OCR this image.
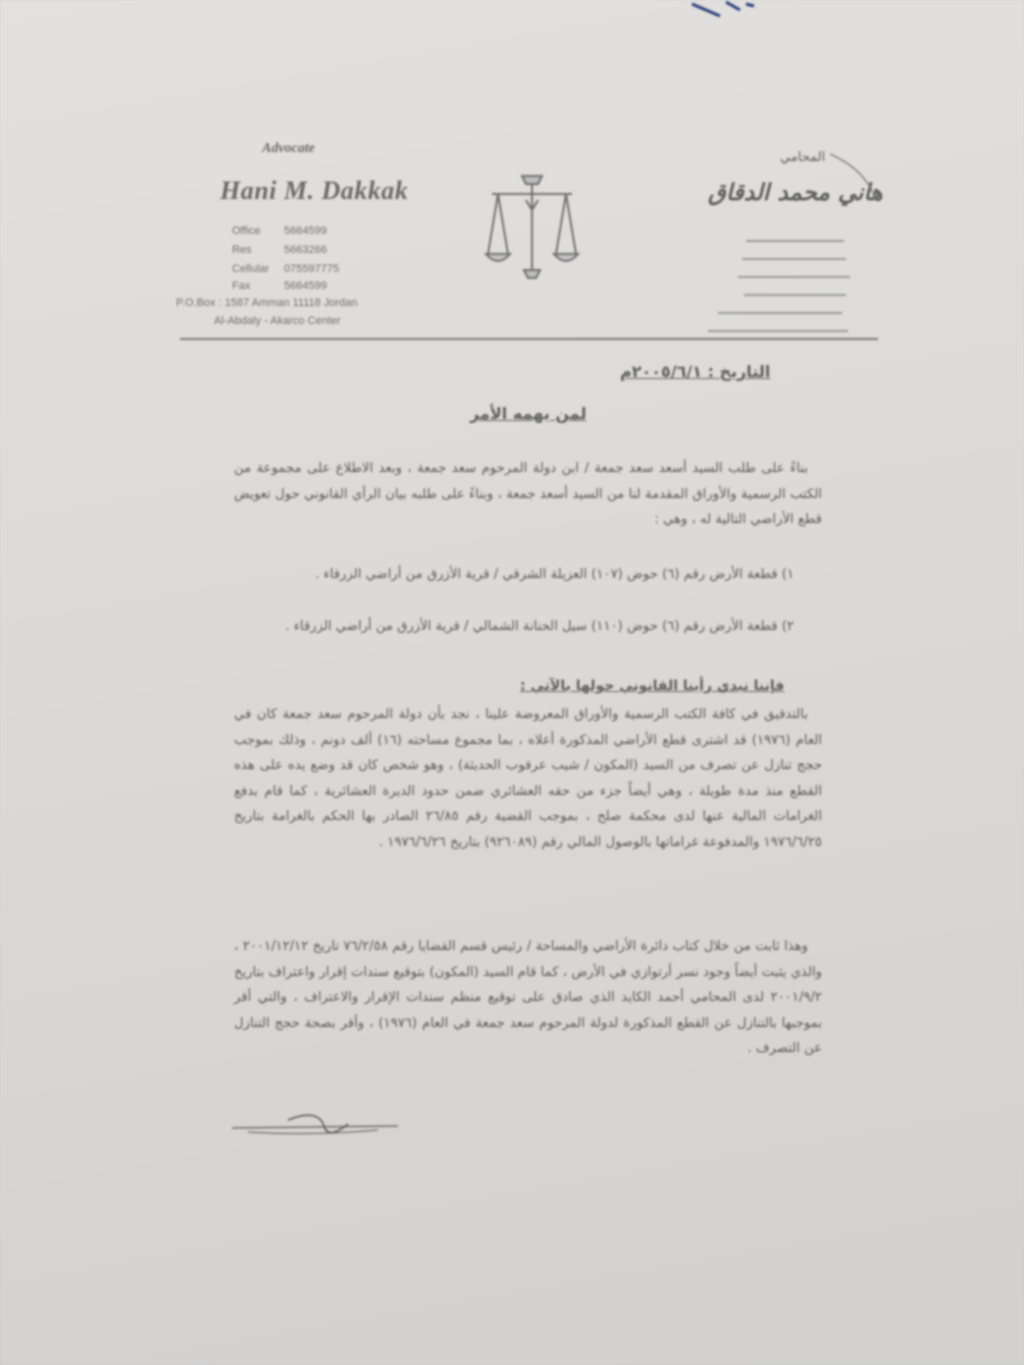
Advocate
Hani M. Dakkak
Office 5664599
Res	5663266
Cellular 075597775
Fax	5664599
P.O.Box : 1587 Amman 11118 Jordan
Al-Abdaly - Akarco Center
المحامي
هاني محمد الدقاق
التاريخ : ٢٠٠٥/٦/١م
لمن يهمه الأمر
بناءً على طلب السيد أسعد سعد جمعة / ابن دولة المرحوم سعد جمعة ، وبعد الاطلاع على مجموعة من الكتب الرسمية والأوراق المقدمة لنا من السيد أسعد جمعة ، وبناءً على طلبه بيان الرأي القانوني حول تعويض قطع الأراضي التالية له ، وهي :
١) قطعة الأرض رقم (٦) حوض (١٠٧) العزيلة الشرقي / قرية الأزرق من أراضي الزرقاء .
٢) قطعة الأرض رقم (٦) حوض (١١٠) سيل الحنانة الشمالي / قرية الأزرق من أراضي الزرقاء .
فإننا نبدي رأينا القانوني حولها بالآتي :
بالتدقيق في كافة الكتب الرسمية والأوراق المعروضة علينا ، نجد بأن دولة المرحوم سعد جمعة كان في العام (١٩٧٦) قد اشترى قطع الأراضي المذكورة أعلاه ، بما مجموع مساحته (١٦) ألف دونم ، وذلك بموجب حجج تنازل عن تصرف من السيد (المكون / شيب عرقوب الحديثة) ، وهو شخص كان قد وضع يده على هذه القطع منذ مدة طويلة ، وهي أيضاً جزء من حقه العشائري ضمن حدود الديرة العشائرية ، كما قام بدفع الغرامات المالية عنها لدى محكمة صلح ، بموجب القضية رقم ٢٦/٨٥ الصادر بها الحكم بالغرامة بتاريخ ١٩٧٦/٦/٢٥ والمدفوعة غراماتها بالوصول المالي رقم (٩٢٦٠٨٩) بتاريخ ١٩٧٦/٦/٢٦ .
وهذا ثابت من خلال كتاب دائرة الأراضي والمساحة / رئيس قسم القضايا رقم ٧٦/٢/٥٨ تاريخ ٢٠٠١/١٢/١٢ ، والذي يثبت أيضاً وجود نسر أرتوازي في الأرض ، كما قام السيد (المكون) بتوقيع سندات إقرار واعتراف بتاريخ ٢٠٠١/٩/٢ لدى المحامي أحمد الكايد الذي صادق على توقيع منظم سندات الإقرار والاعتراف ، والتي أقر بموجبها بالتنازل عن القطع المذكورة لدولة المرحوم سعد جمعة في العام (١٩٧٦) ، وأقر بصحة حجج التنازل عن التصرف .
